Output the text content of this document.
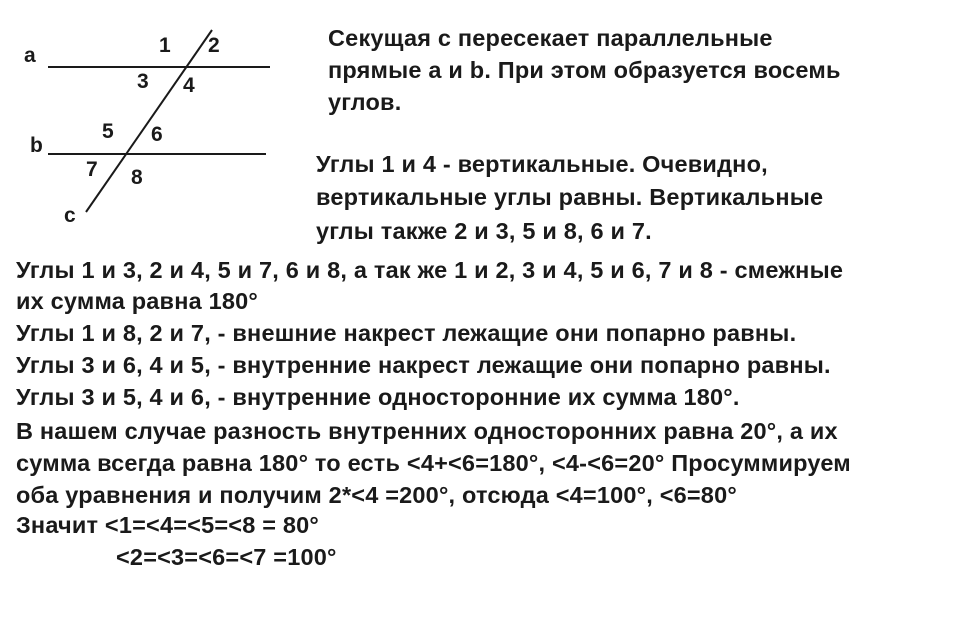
a
b
c
1 2
3 4
5 6
7 8

Секущая с пересекает параллельные

прямые a и b. При этом образуется восемь

углов.

Углы 1 и 4 - вертикальные. Очевидно,

вертикальные углы равны. Вертикальные

углы также 2 и 3, 5 и 8, 6 и 7.

Углы 1 и 3, 2 и 4, 5 и 7, 6 и 8, а так же 1 и 2, 3 и 4, 5 и 6, 7 и 8 - смежные

их сумма равна 180°

Углы 1 и 8, 2 и 7, - внешние накрест лежащие они попарно равны.

Углы 3 и 6, 4 и 5, - внутренние накрест лежащие они попарно равны.

Углы 3 и 5, 4 и 6, - внутренние односторонние их сумма 180°.

В нашем случае разность внутренних односторонних равна 20°, а их

сумма всегда равна 180° то есть <4+<6=180°, <4-<6=20° Просуммируем

оба уравнения и получим 2*<4 =200°, отсюда <4=100°, <6=80°

Значит <1=<4=<5=<8 = 80°

<2=<3=<6=<7 =100°
